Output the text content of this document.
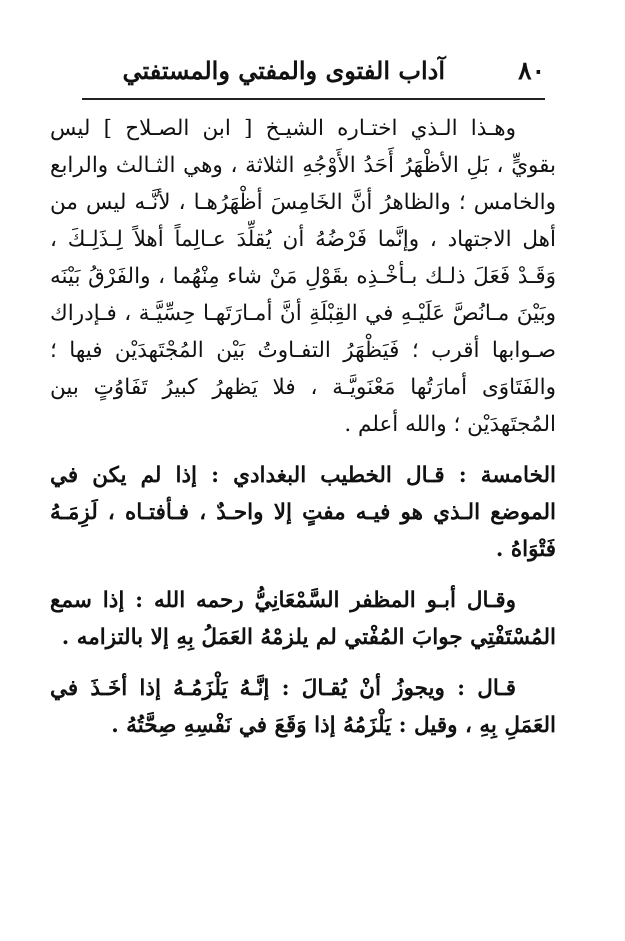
٨٠
آداب الفتوى والمفتي والمستفتي

وهـذا الـذي اختـاره الشيـخ [ ابن الصـلاح ] ليس بقويٍّ ، بَلِ الأظْهَرُ أَحَدُ الأَوْجُهِ الثلاثة ، وهي الثـالث والرابع والخامس ؛ والظاهرُ أنَّ الخَامِسَ أظْهَرُهـا ، لأنَّـه ليس من أهل الاجتهاد ، وإنَّما فَرْضُهُ أن يُقلِّدَ عـالِماً أهلاً لِـذَلِـكَ ، وَقَـدْ فَعَلَ ذلـك بـأخْـذِه بقَوْلِ مَنْ شاء مِنْهُما ، والفَرْقُ بَيْنَه وبَيْنَ مـانُصَّ عَلَيْـهِ في القِبْلَةِ أنَّ أمـارَتَهـا حِسِّيَّـة ، فـإدراك صـوابها أقرب ؛ فَيَظْهَرُ التفـاوتُ بَيْن المُجْتَهدَيْن فيها ؛ والفَتَاوَى أمارَتُها مَعْنَويَّـة ، فلا يَظهرُ كبيرُ تَفَاوُتٍ بين المُجتَهدَيْن ؛ والله أعلم .

الخامسة : قـال الخطيب البغدادي : إذا لم يكن في الموضع الـذي هو فيـه مفتٍ إلا واحـدٌ ، فـأفتـاه ، لَزِمَـهُ فَتْوَاهُ .

وقـال أبـو المظفر السَّمْعَانِيُّ رحمه الله : إذا سمع المُسْتَفْتِي جوابَ المُفْتي لم يلزمْهُ العَمَلُ بِهِ إلا بالتزامه .

قـال : ويجوزُ أنْ يُقـالَ : إنَّـهُ يَلْزَمُـهُ إذا أخَـذَ في العَمَلِ بِهِ ، وقيل : يَلْزَمُهُ إذا وَقَعَ في نَفْسِهِ صِحَّتُهُ .
